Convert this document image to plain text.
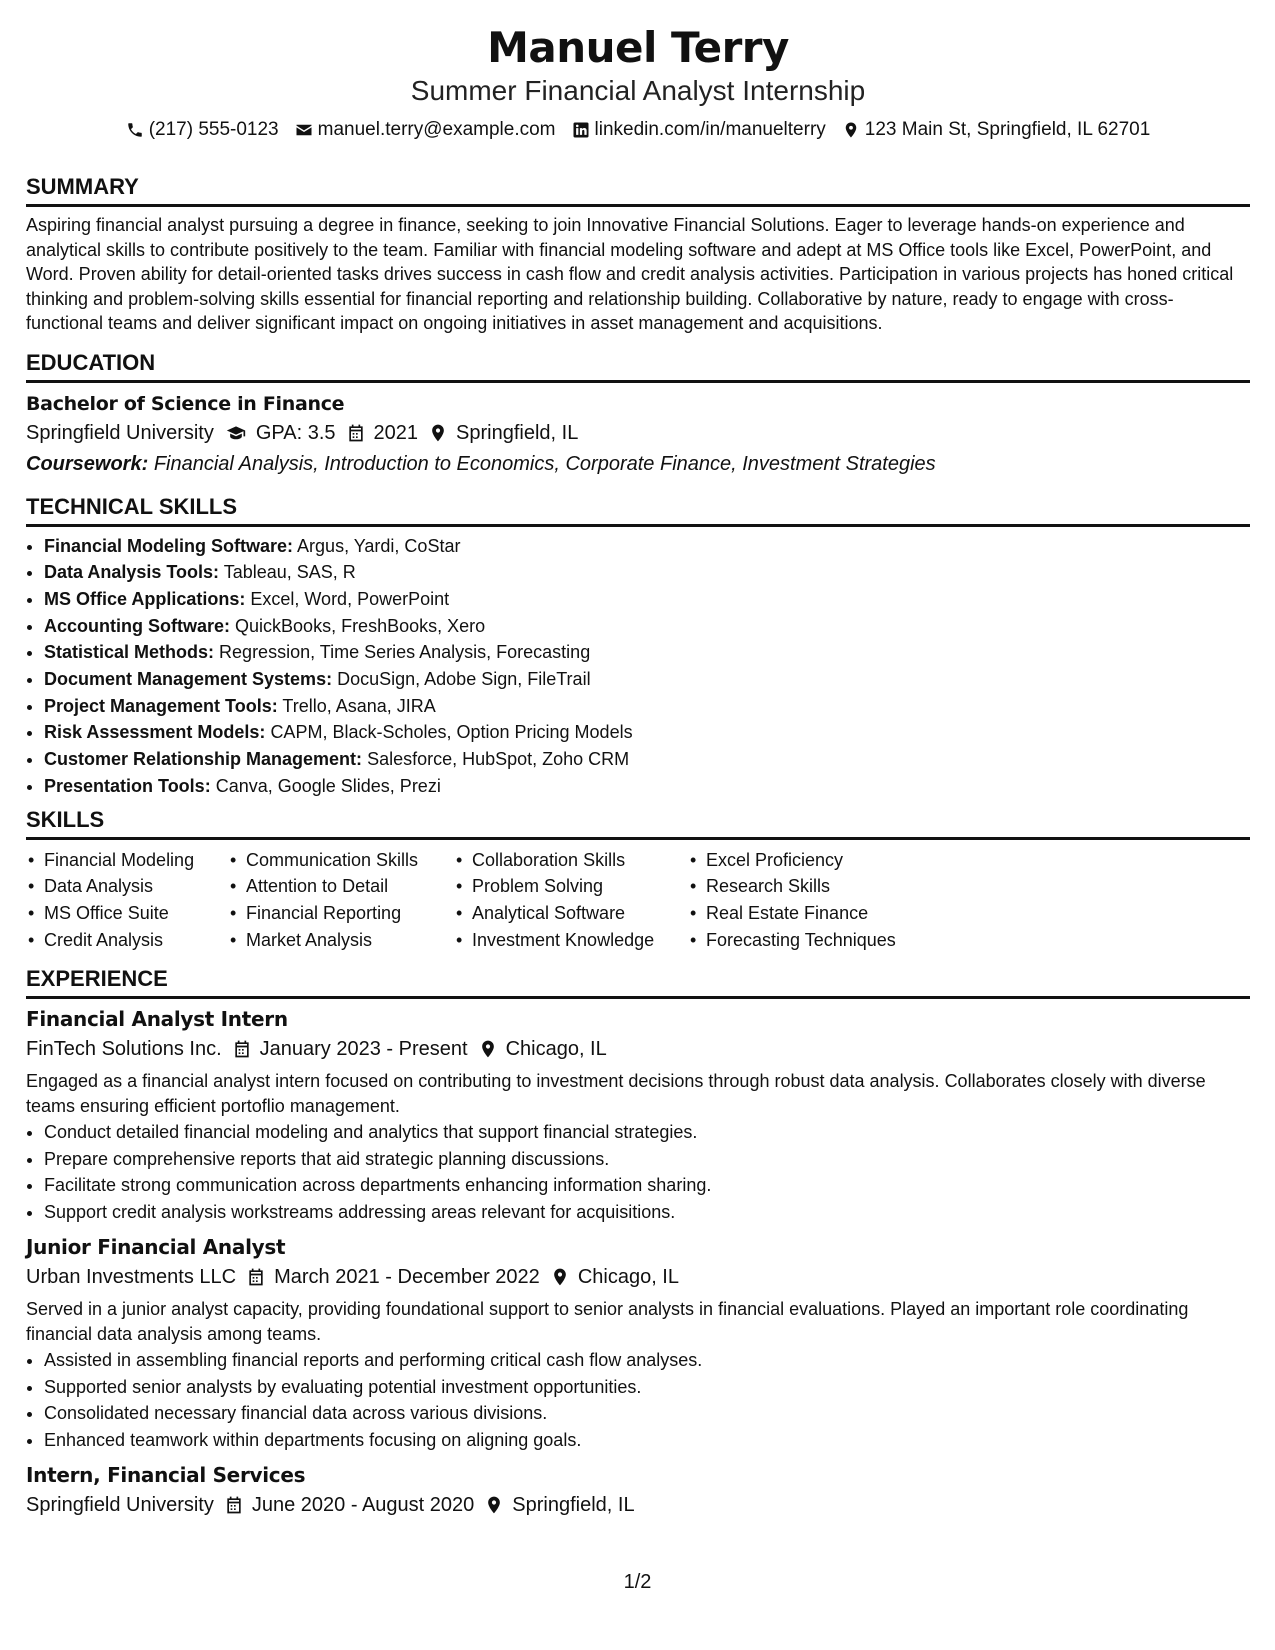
Manuel Terry
Summer Financial Analyst Internship
(217) 555-0123 manuel.terry@example.com linkedin.com/in/manuelterry 123 Main St, Springfield, IL 62701
SUMMARY
Aspiring financial analyst pursuing a degree in finance, seeking to join Innovative Financial Solutions. Eager to leverage hands-on experience and analytical skills to contribute positively to the team. Familiar with financial modeling software and adept at MS Office tools like Excel, PowerPoint, and Word. Proven ability for detail-oriented tasks drives success in cash flow and credit analysis activities. Participation in various projects has honed critical thinking and problem-solving skills essential for financial reporting and relationship building. Collaborative by nature, ready to engage with cross-functional teams and deliver significant impact on ongoing initiatives in asset management and acquisitions.
EDUCATION
Bachelor of Science in Finance
Springfield University GPA: 3.5 2021 Springfield, IL
Coursework: Financial Analysis, Introduction to Economics, Corporate Finance, Investment Strategies
TECHNICAL SKILLS
• Financial Modeling Software: Argus, Yardi, CoStar
• Data Analysis Tools: Tableau, SAS, R
• MS Office Applications: Excel, Word, PowerPoint
• Accounting Software: QuickBooks, FreshBooks, Xero
• Statistical Methods: Regression, Time Series Analysis, Forecasting
• Document Management Systems: DocuSign, Adobe Sign, FileTrail
• Project Management Tools: Trello, Asana, JIRA
• Risk Assessment Models: CAPM, Black-Scholes, Option Pricing Models
• Customer Relationship Management: Salesforce, HubSpot, Zoho CRM
• Presentation Tools: Canva, Google Slides, Prezi
SKILLS
• Financial Modeling
• Data Analysis
• MS Office Suite
• Credit Analysis
• Communication Skills
• Attention to Detail
• Financial Reporting
• Market Analysis
• Collaboration Skills
• Problem Solving
• Analytical Software
• Investment Knowledge
• Excel Proficiency
• Research Skills
• Real Estate Finance
• Forecasting Techniques
EXPERIENCE
Financial Analyst Intern
FinTech Solutions Inc. January 2023 - Present Chicago, IL
Engaged as a financial analyst intern focused on contributing to investment decisions through robust data analysis. Collaborates closely with diverse teams ensuring efficient portoflio management.
• Conduct detailed financial modeling and analytics that support financial strategies.
• Prepare comprehensive reports that aid strategic planning discussions.
• Facilitate strong communication across departments enhancing information sharing.
• Support credit analysis workstreams addressing areas relevant for acquisitions.
Junior Financial Analyst
Urban Investments LLC March 2021 - December 2022 Chicago, IL
Served in a junior analyst capacity, providing foundational support to senior analysts in financial evaluations. Played an important role coordinating financial data analysis among teams.
• Assisted in assembling financial reports and performing critical cash flow analyses.
• Supported senior analysts by evaluating potential investment opportunities.
• Consolidated necessary financial data across various divisions.
• Enhanced teamwork within departments focusing on aligning goals.
Intern, Financial Services
Springfield University June 2020 - August 2020 Springfield, IL
1/2
